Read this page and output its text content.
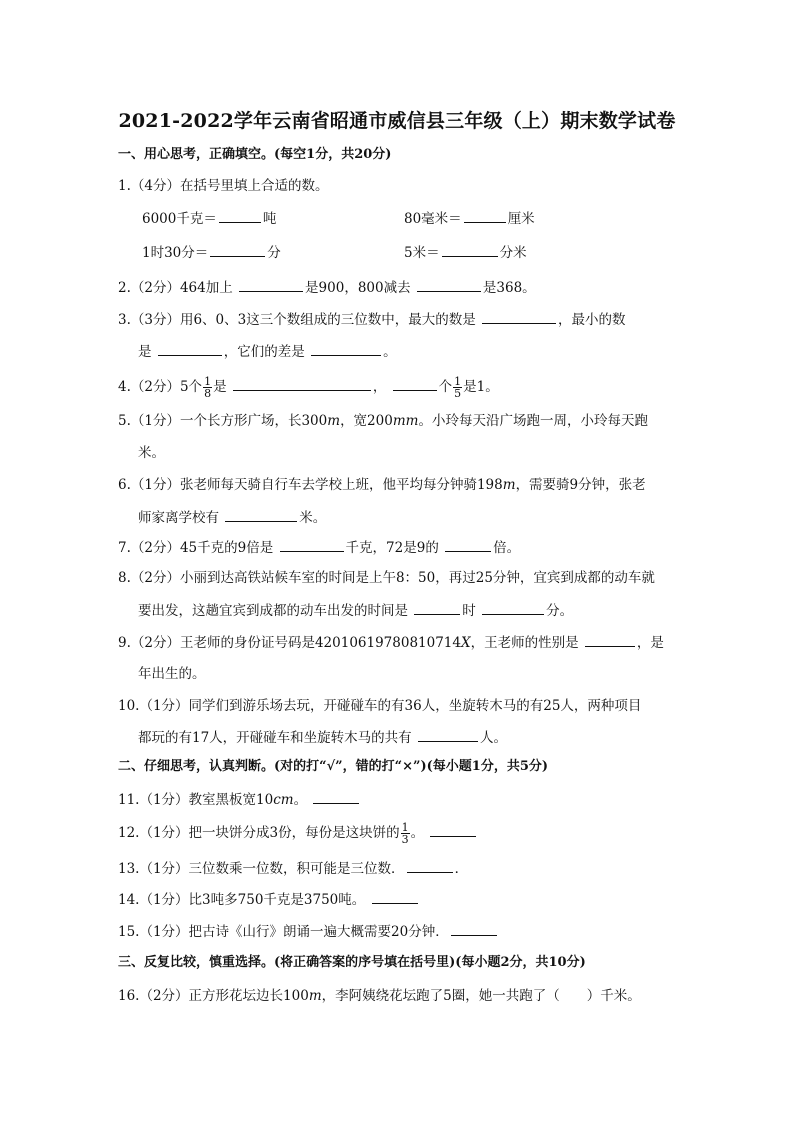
2021-2022学年云南省昭通市威信县三年级（上）期末数学试卷
一、用心思考，正确填空。(每空1分，共20分)
1.（4分）在括号里填上合适的数。
6000千克＝	吨	80毫米＝	厘米
1时30分＝	分	5米＝	分米
2.（2分）464加上	是900，800减去	是368。
3.（3分）用6、0、3这三个数组成的三位数中，最大的数是	，最小的数
是	，它们的差是	。
4.（2分）5个 $\frac{1}{8}$ 是	，	个 $\frac{1}{5}$ 是1。
5.（1分）一个长方形广场，长300m，宽200mm。小玲每天沿广场跑一周，小玲每天跑
米。
6.（1分）张老师每天骑自行车去学校上班，他平均每分钟骑198m，需要骑9分钟，张老
师家离学校有	米。
7.（2分）45千克的9倍是	千克，72是9的	倍。
8.（2分）小丽到达高铁站候车室的时间是上午8：50，再过25分钟，宜宾到成都的动车就
要出发，这趟宜宾到成都的动车出发的时间是	时	分。
9.（2分）王老师的身份证号码是42010619780810714X，王老师的性别是	，是
年出生的。
10.（1分）同学们到游乐场去玩，开碰碰车的有36人，坐旋转木马的有25人，两种项目
都玩的有17人，开碰碰车和坐旋转木马的共有	人。
二、仔细思考，认真判断。(对的打“√”，错的打“×”)(每小题1分，共5分)
11.（1分）教室黑板宽10cm。
12.（1分）把一块饼分成3份，每份是这块饼的 $\frac{1}{3}$ 。
13.（1分）三位数乘一位数，积可能是三位数．	．
14.（1分）比3吨多750千克是3750吨。
15.（1分）把古诗《山行》朗诵一遍大概需要20分钟．
三、反复比较，慎重选择。(将正确答案的序号填在括号里)(每小题2分，共10分)
16.（2分）正方形花坛边长100m，李阿姨绕花坛跑了5圈，她一共跑了（　　）千米。
